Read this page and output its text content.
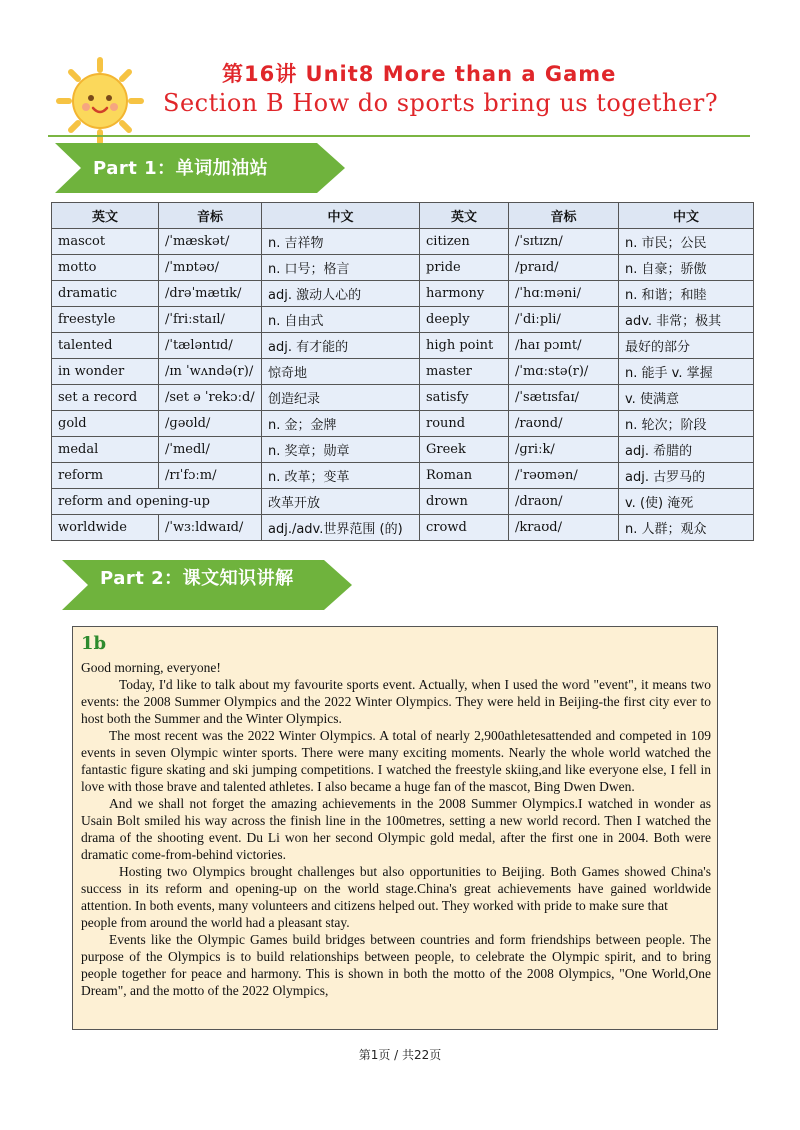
第16讲 Unit8 More than a Game
Section B How do sports bring us together?
Part 1：单词加油站
英文	音标	中文	英文	音标	中文
mascot	/ˈmæskət/	n. 吉祥物	citizen	/ˈsɪtɪzn/	n. 市民；公民
motto	/ˈmɒtəʊ/	n. 口号；格言	pride	/praɪd/	n. 自豪；骄傲
dramatic	/drəˈmætɪk/	adj. 激动人心的	harmony	/ˈhɑːməni/	n. 和谐；和睦
freestyle	/ˈfriːstaɪl/	n. 自由式	deeply	/ˈdiːpli/	adv. 非常；极其
talented	/ˈtæləntɪd/	adj. 有才能的	high point	/haɪ pɔɪnt/	最好的部分
in wonder	/ɪn ˈwʌndə(r)/	惊奇地	master	/ˈmɑːstə(r)/	n. 能手 v. 掌握
set a record	/set ə ˈrekɔːd/	创造纪录	satisfy	/ˈsætɪsfaɪ/	v. 使满意
gold	/ɡəʊld/	n. 金；金牌	round	/raʊnd/	n. 轮次；阶段
medal	/ˈmedl/	n. 奖章；勋章	Greek	/ɡriːk/	adj. 希腊的
reform	/rɪˈfɔːm/	n. 改革；变革	Roman	/ˈrəʊmən/	adj. 古罗马的
reform and opening-up		改革开放	drown	/draʊn/	v. (使) 淹死
worldwide	/ˈwɜːldwaɪd/	adj./adv.世界范围 (的)	crowd	/kraʊd/	n. 人群；观众
Part 2：课文知识讲解
1b

Good morning, everyone!

Today, I'd like to talk about my favourite sports event. Actually, when I used the word "event", it means two events: the 2008 Summer Olympics and the 2022 Winter Olympics. They were held in Beijing-the first city ever to host both the Summer and the Winter Olympics.

The most recent was the 2022 Winter Olympics. A total of nearly 2,900athletesattended and competed in 109 events in seven Olympic winter sports. There were many exciting moments. Nearly the whole world watched the fantastic figure skating and ski jumping competitions. I watched the freestyle skiing,and like everyone else, I fell in love with those brave and talented athletes. I also became a huge fan of the mascot, Bing Dwen Dwen.

And we shall not forget the amazing achievements in the 2008 Summer Olympics.I watched in wonder as Usain Bolt smiled his way across the finish line in the 100metres, setting a new world record. Then I watched the drama of the shooting event. Du Li won her second Olympic gold medal, after the first one in 2004. Both were dramatic come-from-behind victories.

Hosting two Olympics brought challenges but also opportunities to Beijing. Both Games showed China's success in its reform and opening-up on the world stage.China's great achievements have gained worldwide attention. In both events, many volunteers and citizens helped out. They worked with pride to make sure that

people from around the world had a pleasant stay.

Events like the Olympic Games build bridges between countries and form friendships between people. The purpose of the Olympics is to build relationships between people, to celebrate the Olympic spirit, and to bring people together for peace and harmony. This is shown in both the motto of the 2008 Olympics, "One World,One Dream", and the motto of the 2022 Olympics,

第1页 / 共22页
